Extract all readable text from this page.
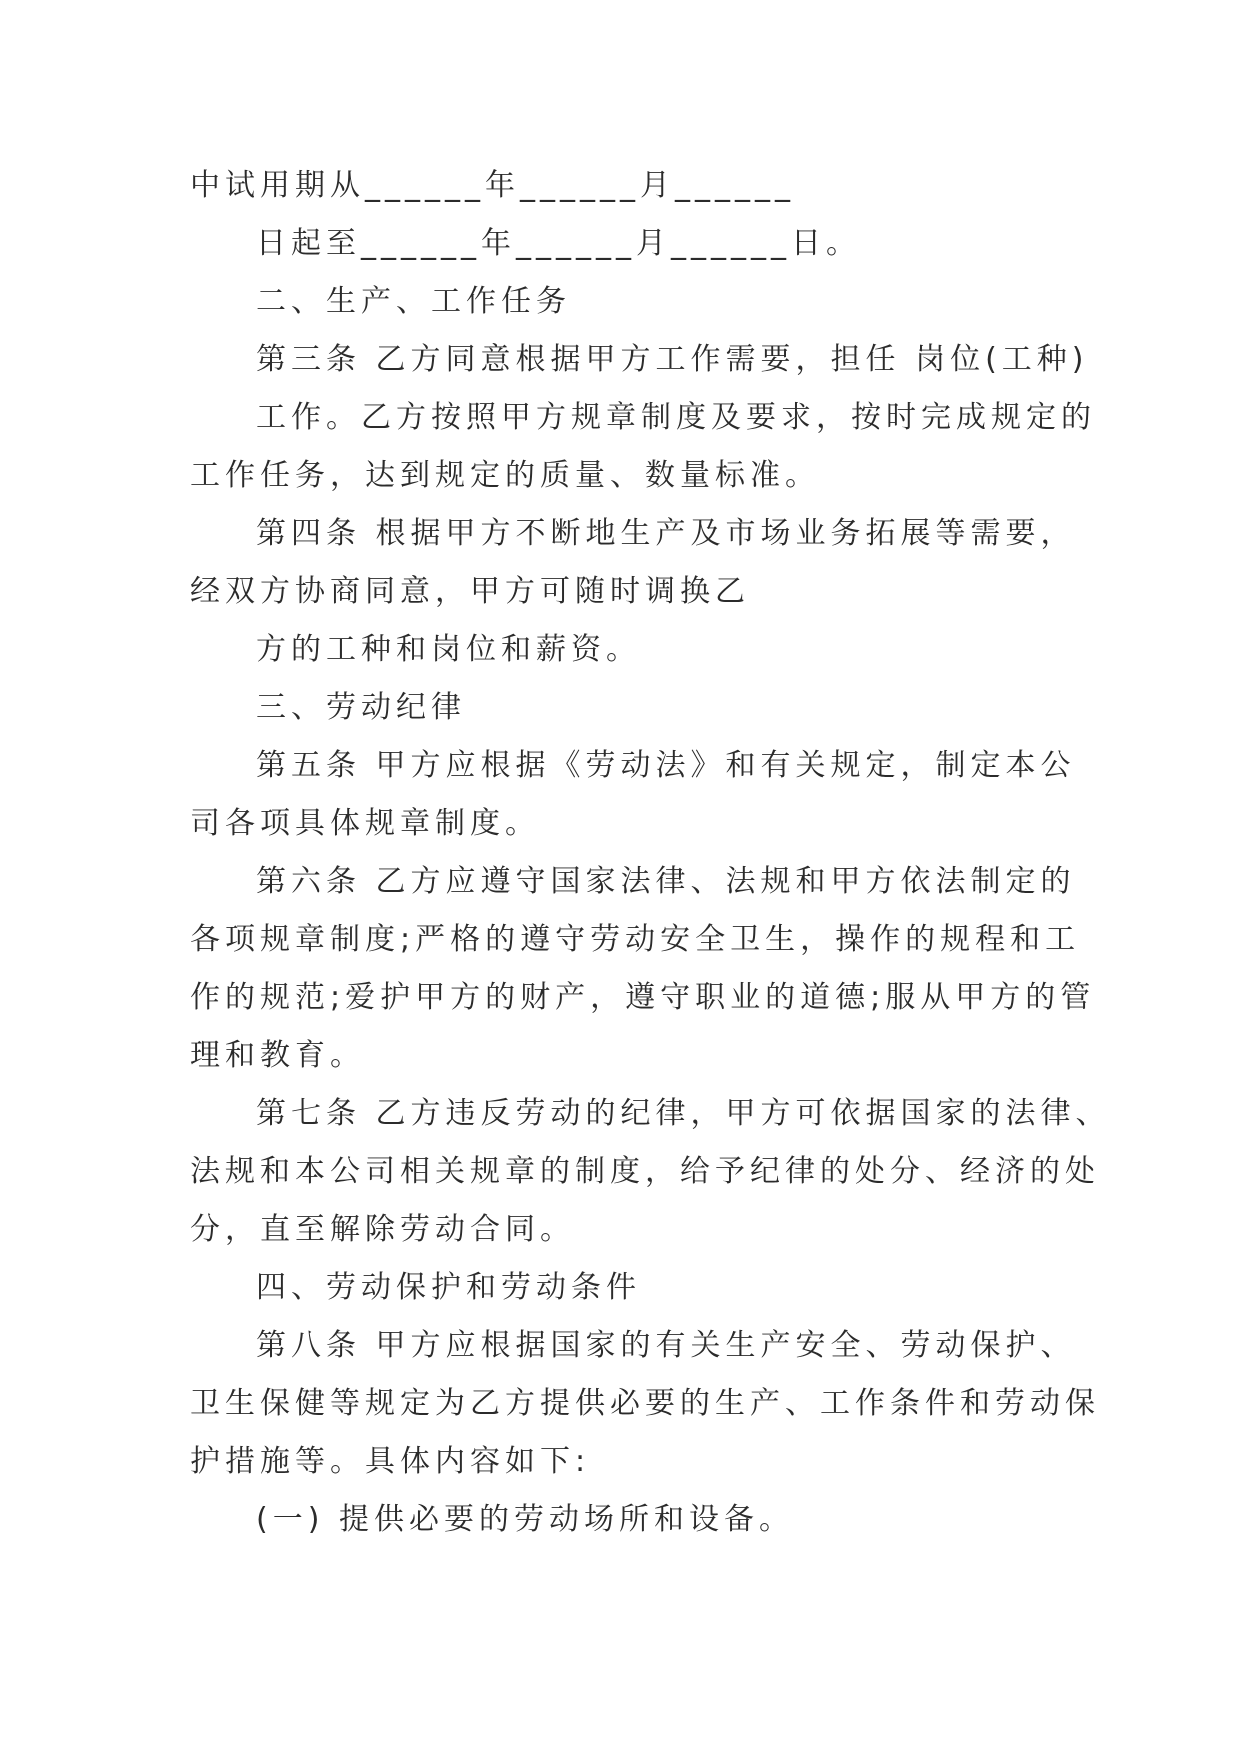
中试用期从______年______月______
日起至______年______月______日。
二、生产、工作任务
第三条 乙方同意根据甲方工作需要，担任 岗位(工种)
工作。乙方按照甲方规章制度及要求，按时完成规定的
工作任务，达到规定的质量、数量标准。
第四条 根据甲方不断地生产及市场业务拓展等需要，
经双方协商同意，甲方可随时调换乙
方的工种和岗位和薪资。
三、劳动纪律
第五条 甲方应根据《劳动法》和有关规定，制定本公
司各项具体规章制度。
第六条 乙方应遵守国家法律、法规和甲方依法制定的
各项规章制度;严格的遵守劳动安全卫生，操作的规程和工
作的规范;爱护甲方的财产，遵守职业的道德;服从甲方的管
理和教育。
第七条 乙方违反劳动的纪律，甲方可依据国家的法律、
法规和本公司相关规章的制度，给予纪律的处分、经济的处
分，直至解除劳动合同。
四、劳动保护和劳动条件
第八条 甲方应根据国家的有关生产安全、劳动保护、
卫生保健等规定为乙方提供必要的生产、工作条件和劳动保
护措施等。具体内容如下:
(一) 提供必要的劳动场所和设备。
